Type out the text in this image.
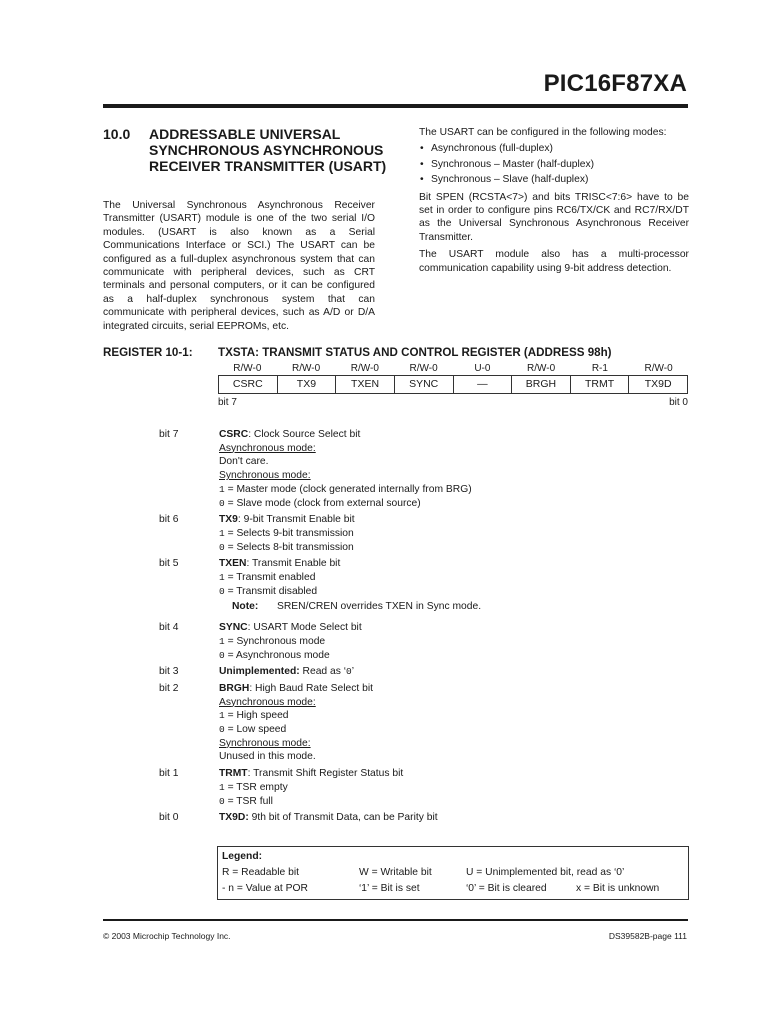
PIC16F87XA
10.0 ADDRESSABLE UNIVERSAL SYNCHRONOUS ASYNCHRONOUS RECEIVER TRANSMITTER (USART)

The Universal Synchronous Asynchronous Receiver Transmitter (USART) module is one of the two serial I/O modules. (USART is also known as a Serial Communications Interface or SCI.) The USART can be configured as a full-duplex asynchronous system that can communicate with peripheral devices, such as CRT terminals and personal computers, or it can be configured as a half-duplex synchronous system that can communicate with peripheral devices, such as A/D or D/A integrated circuits, serial EEPROMs, etc.

The USART can be configured in the following modes:

• Asynchronous (full-duplex)
• Synchronous – Master (half-duplex)
• Synchronous – Slave (half-duplex)

Bit SPEN (RCSTA<7>) and bits TRISC<7:6> have to be set in order to configure pins RC6/TX/CK and RC7/RX/DT as the Universal Synchronous Asynchronous Receiver Transmitter.

The USART module also has a multi-processor communication capability using 9-bit address detection.

REGISTER 10-1: TXSTA: TRANSMIT STATUS AND CONTROL REGISTER (ADDRESS 98h)
R/W-0	R/W-0	R/W-0	R/W-0	U-0	R/W-0	R-1	R/W-0
CSRC	TX9	TXEN	SYNC	—	BRGH	TRMT	TX9D
bit 7	bit 0
bit 7	CSRC: Clock Source Select bit
Asynchronous mode:
Don't care.
Synchronous mode:
1 = Master mode (clock generated internally from BRG)
0 = Slave mode (clock from external source)
bit 6	TX9: 9-bit Transmit Enable bit
1 = Selects 9-bit transmission
0 = Selects 8-bit transmission
bit 5	TXEN: Transmit Enable bit
1 = Transmit enabled
0 = Transmit disabled
Note: SREN/CREN overrides TXEN in Sync mode.
bit 4	SYNC: USART Mode Select bit
1 = Synchronous mode
0 = Asynchronous mode
bit 3	Unimplemented: Read as ‘0’
bit 2	BRGH: High Baud Rate Select bit
Asynchronous mode:
1 = High speed
0 = Low speed
Synchronous mode:
Unused in this mode.
bit 1	TRMT: Transmit Shift Register Status bit
1 = TSR empty
0 = TSR full
bit 0	TX9D: 9th bit of Transmit Data, can be Parity bit
Legend:
R = Readable bit	W = Writable bit	U = Unimplemented bit, read as ‘0’
- n = Value at POR	‘1’ = Bit is set	‘0’ = Bit is cleared	x = Bit is unknown
© 2003 Microchip Technology Inc.	DS39582B-page 111
